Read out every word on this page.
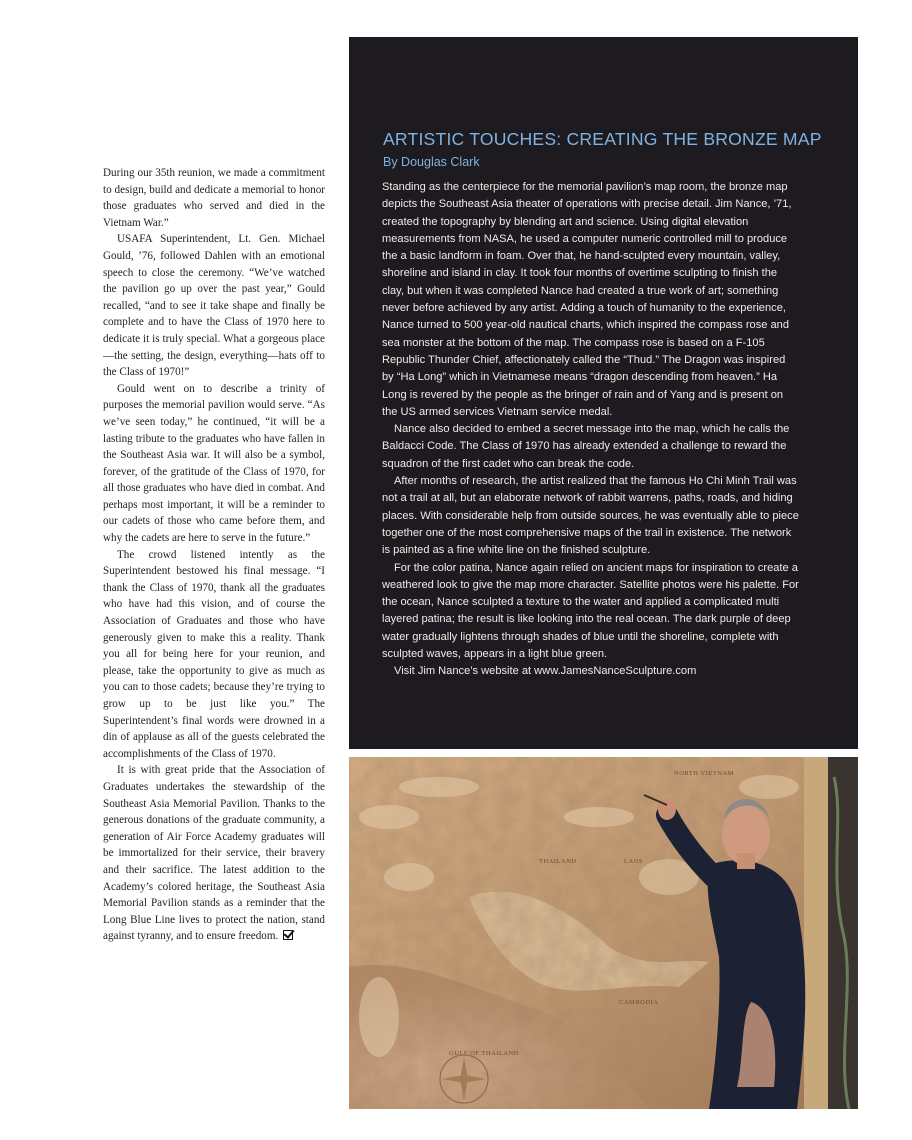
During our 35th reunion, we made a commitment to design, build and dedicate a memorial to honor those graduates who served and died in the Vietnam War.”

USAFA Superintendent, Lt. Gen. Michael Gould, ’76, followed Dahlen with an emotional speech to close the ceremony. “We’ve watched the pavilion go up over the past year,” Gould recalled, “and to see it take shape and finally be complete and to have the Class of 1970 here to dedicate it is truly special. What a gorgeous place—the setting, the design, everything—hats off to the Class of 1970!”

Gould went on to describe a trinity of purposes the memorial pavilion would serve. “As we’ve seen today,” he continued, “it will be a lasting tribute to the graduates who have fallen in the Southeast Asia war. It will also be a symbol, forever, of the gratitude of the Class of 1970, for all those graduates who have died in combat. And perhaps most important, it will be a reminder to our cadets of those who came before them, and why the cadets are here to serve in the future.”

The crowd listened intently as the Superintendent bestowed his final message. “I thank the Class of 1970, thank all the graduates who have had this vision, and of course the Association of Graduates and those who have generously given to make this a reality. Thank you all for being here for your reunion, and please, take the opportunity to give as much as you can to those cadets; because they’re trying to grow up to be just like you.” The Superintendent’s final words were drowned in a din of applause as all of the guests celebrated the accomplishments of the Class of 1970.

It is with great pride that the Association of Graduates undertakes the stewardship of the Southeast Asia Memorial Pavilion. Thanks to the generous donations of the graduate community, a generation of Air Force Academy graduates will be immortalized for their service, their bravery and their sacrifice. The latest addition to the Academy’s colored heritage, the Southeast Asia Memorial Pavilion stands as a reminder that the Long Blue Line lives to protect the nation, stand against tyranny, and to ensure freedom.

ARTISTIC TOUCHES: CREATING THE BRONZE MAP
By Douglas Clark

Standing as the centerpiece for the memorial pavilion’s map room, the bronze map depicts the Southeast Asia theater of operations with precise detail. Jim Nance, ’71, created the topography by blending art and science. Using digital elevation measurements from NASA, he used a computer numeric controlled mill to produce the a basic landform in foam. Over that, he hand-sculpted every mountain, valley, shoreline and island in clay. It took four months of overtime sculpting to finish the clay, but when it was completed Nance had created a true work of art; something never before achieved by any artist. Adding a touch of humanity to the experience, Nance turned to 500 year-old nautical charts, which inspired the compass rose and sea monster at the bottom of the map. The compass rose is based on a F-105 Republic Thunder Chief, affectionately called the “Thud.” The Dragon was inspired by “Ha Long” which in Vietnamese means “dragon descending from heaven.” Ha Long is revered by the people as the bringer of rain and of Yang and is present on the US armed services Vietnam service medal.

Nance also decided to embed a secret message into the map, which he calls the Baldacci Code. The Class of 1970 has already extended a challenge to reward the squadron of the first cadet who can break the code.

After months of research, the artist realized that the famous Ho Chi Minh Trail was not a trail at all, but an elaborate network of rabbit warrens, paths, roads, and hiding places. With considerable help from outside sources, he was eventually able to piece together one of the most comprehensive maps of the trail in existence. The network is painted as a fine white line on the finished sculpture.

For the color patina, Nance again relied on ancient maps for inspiration to create a weathered look to give the map more character. Satellite photos were his palette. For the ocean, Nance sculpted a texture to the water and applied a complicated multi layered patina; the result is like looking into the real ocean. The dark purple of deep water gradually lightens through shades of blue until the shoreline, complete with sculpted waves, appears in a light blue green.

Visit Jim Nance’s website at www.JamesNanceSculpture.com

NORTH VIETNAM
LAOS
THAILAND
CAMBODIA
GULF OF THAILAND
